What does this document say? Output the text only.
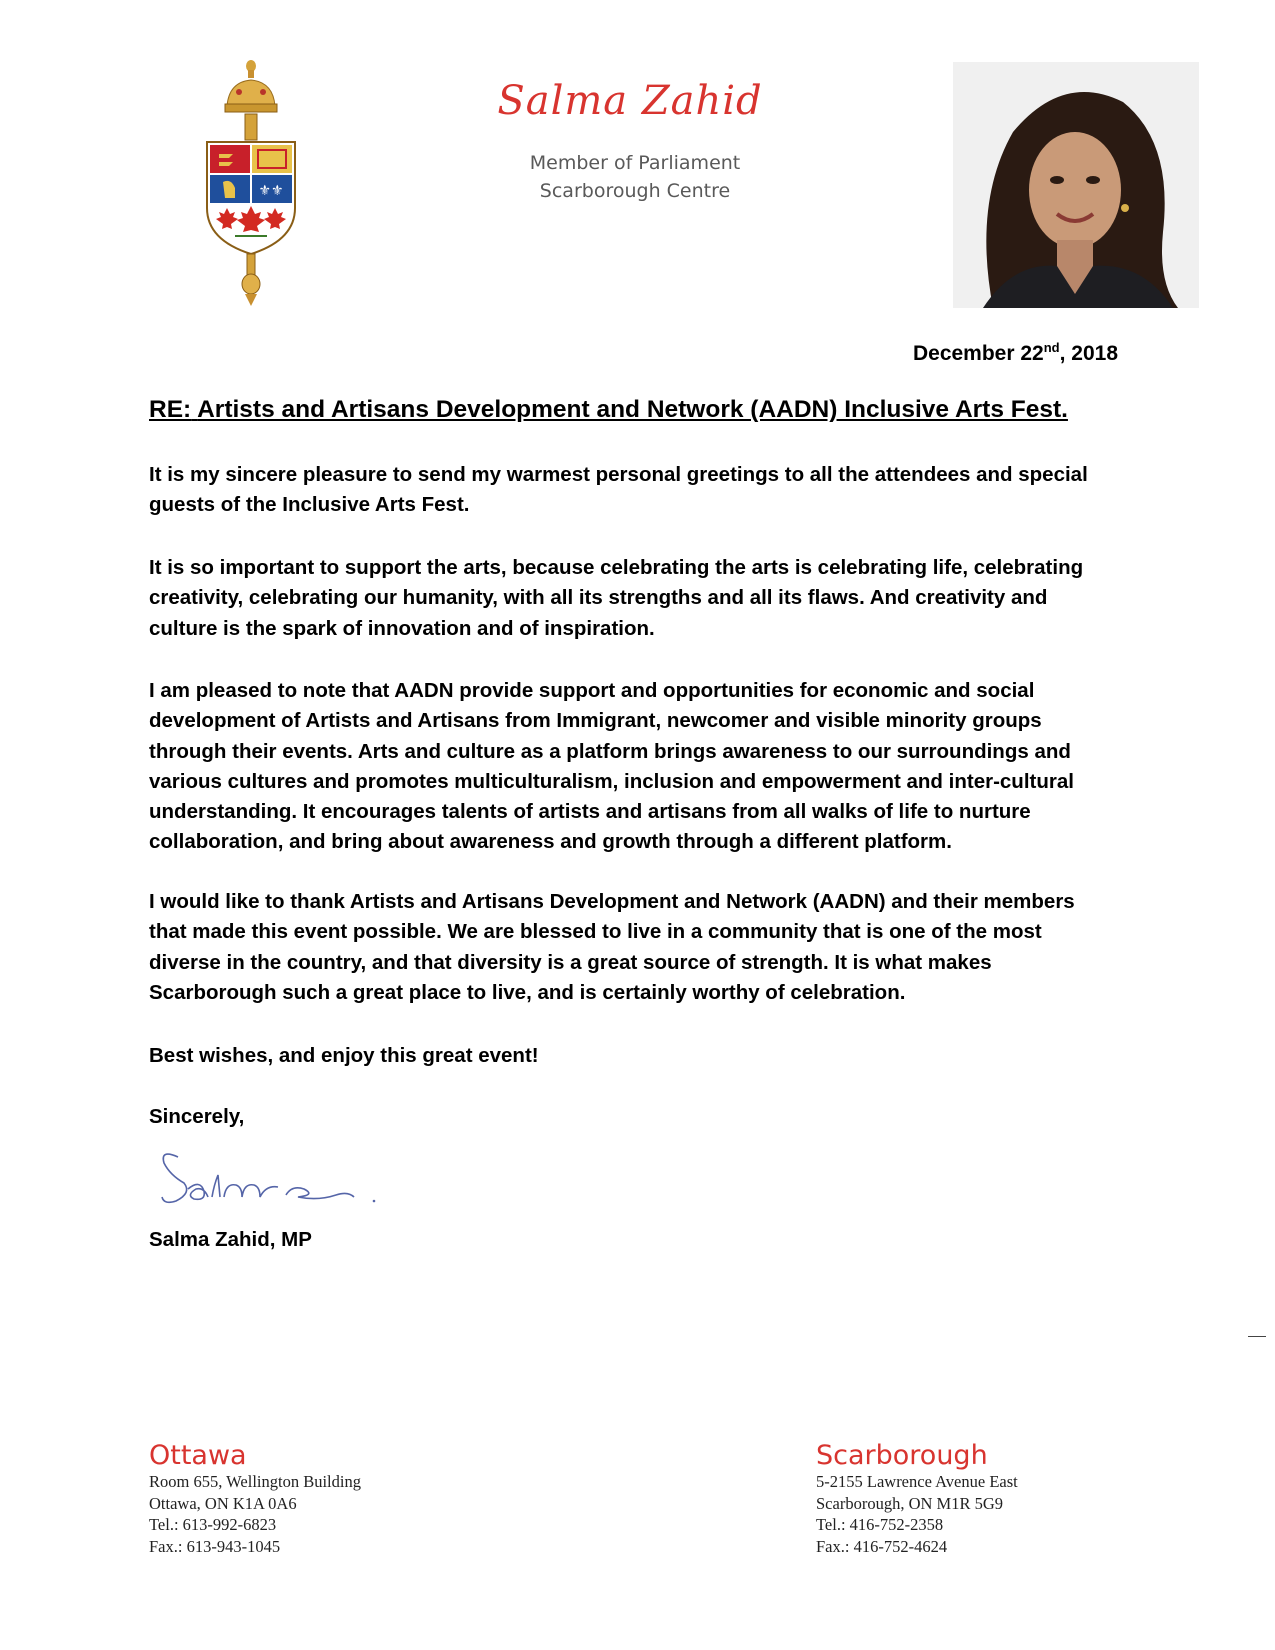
⚜⚜
Salma Zahid
Member of Parliament
Scarborough Centre
December 22nd, 2018
RE: Artists and Artisans Development and Network (AADN) Inclusive Arts Fest.
It is my sincere pleasure to send my warmest personal greetings to all the attendees and special guests of the Inclusive Arts Fest.
It is so important to support the arts, because celebrating the arts is celebrating life, celebrating creativity, celebrating our humanity, with all its strengths and all its flaws. And creativity and culture is the spark of innovation and of inspiration.
I am pleased to note that AADN provide support and opportunities for economic and social development of Artists and Artisans from Immigrant, newcomer and visible minority groups through their events. Arts and culture as a platform brings awareness to our surroundings and various cultures and promotes multiculturalism, inclusion and empowerment and inter-cultural understanding. It encourages talents of artists and artisans from all walks of life to nurture collaboration, and bring about awareness and growth through a different platform.
I would like to thank Artists and Artisans Development and Network (AADN) and their members that made this event possible. We are blessed to live in a community that is one of the most diverse in the country, and that diversity is a great source of strength. It is what makes Scarborough such a great place to live, and is certainly worthy of celebration.
Best wishes, and enjoy this great event!
Sincerely,
Salma Zahid, MP
Ottawa
Room 655, Wellington Building
Ottawa, ON K1A 0A6
Tel.: 613-992-6823
Fax.: 613-943-1045
Scarborough
5-2155 Lawrence Avenue East
Scarborough, ON M1R 5G9
Tel.: 416-752-2358
Fax.: 416-752-4624
